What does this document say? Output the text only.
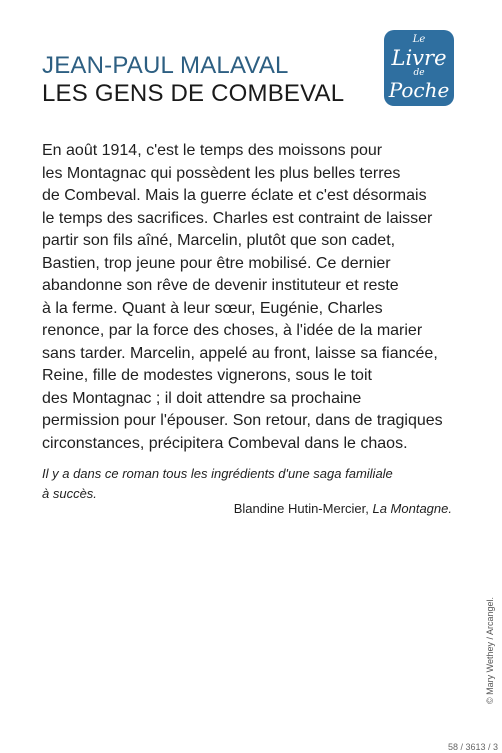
JEAN-PAUL MALAVAL
LES GENS DE COMBEVAL
Le
Livre
de
Poche
En août 1914, c'est le temps des moissons pour
les Montagnac qui possèdent les plus belles terres
de Combeval. Mais la guerre éclate et c'est désormais
le temps des sacrifices. Charles est contraint de laisser
partir son fils aîné, Marcelin, plutôt que son cadet,
Bastien, trop jeune pour être mobilisé. Ce dernier
abandonne son rêve de devenir instituteur et reste
à la ferme. Quant à leur sœur, Eugénie, Charles
renonce, par la force des choses, à l'idée de la marier
sans tarder. Marcelin, appelé au front, laisse sa fiancée,
Reine, fille de modestes vignerons, sous le toit
des Montagnac ; il doit attendre sa prochaine
permission pour l'épouser. Son retour, dans de tragiques
circonstances, précipitera Combeval dans le chaos.
Il y a dans ce roman tous les ingrédients d'une saga familiale
à succès.
Blandine Hutin-Mercier, La Montagne.
© Mary Wethey / Arcangel.
58 / 3613 / 3
